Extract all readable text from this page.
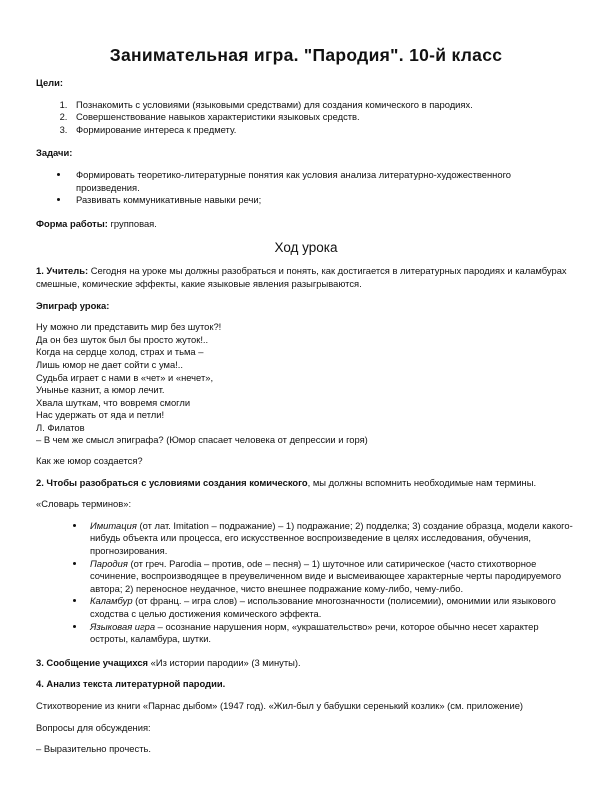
Занимательная игра. "Пародия". 10-й класс
Цели:
1. Познакомить с условиями (языковыми средствами) для создания комического в пародиях.
2. Совершенствование навыков характеристики языковых средств.
3. Формирование интереса к предмету.
Задачи:
• Формировать теоретико-литературные понятия как условия анализа литературно-художественного произведения.
• Развивать коммуникативные навыки речи;

Форма работы: групповая.

Ход урока

1. Учитель: Сегодня на уроке мы должны разобраться и понять, как достигается в литературных пародиях и каламбурах смешные, комические эффекты, какие языковые явления разыгрываются.

Эпиграф урока:
Ну можно ли представить мир без шуток?!
Да он без шуток был бы просто жуток!..
Когда на сердце холод, страх и тьма –
Лишь юмор не дает сойти с ума!..
Судьба играет с нами в «чет» и «нечет»,
Унынье казнит, а юмор лечит.
Хвала шуткам, что вовремя смогли
Нас удержать от яда и петли!
Л. Филатов
– В чем же смысл эпиграфа? (Юмор спасает человека от депрессии и горя)

Как же юмор создается?

2. Чтобы разобраться с условиями создания комического, мы должны вспомнить необходимые нам термины.

«Словарь терминов»:

• Имитация (от лат. Imitation – подражание) – 1) подражание; 2) подделка; 3) создание образца, модели какого-нибудь объекта или процесса, его искусственное воспроизведение в целях исследования, обучения, прогнозирования.
• Пародия (от греч. Parodia – против, ode – песня) – 1) шуточное или сатирическое (часто стихотворное сочинение, воспроизводящее в преувеличенном виде и высмеивающее характерные черты пародируемого автора; 2) переносное неудачное, чисто внешнее подражание кому-либо, чему-либо.
• Каламбур (от франц. – игра слов) – использование многозначности (полисемии), омонимии или языкового сходства с целью достижения комического эффекта.
• Языковая игра – осознание нарушения норм, «украшательство» речи, которое обычно несет характер остроты, каламбура, шутки.

3. Сообщение учащихся «Из истории пародии» (3 минуты).

4. Анализ текста литературной пародии.

Стихотворение из книги «Парнас дыбом» (1947 год). «Жил-был у бабушки серенький козлик» (см. приложение)

Вопросы для обсуждения:

– Выразительно прочесть.
